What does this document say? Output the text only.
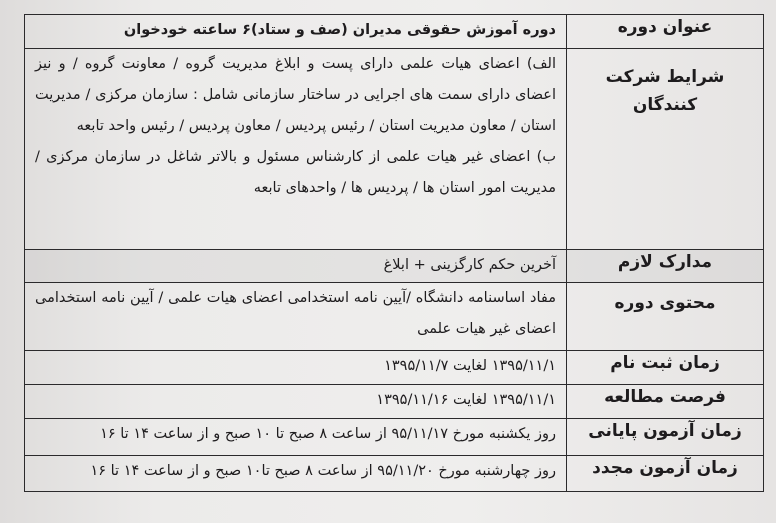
عنوان دوره	دوره آموزش حقوقی مدیران (صف و ستاد)۶ ساعته خودخوان
شرایط شرکت کنندگان	الف) اعضای هیات علمی دارای پست و ابلاغ مدیریت گروه / معاونت گروه / و نیز اعضای دارای سمت های اجرایی در ساختار سازمانی شامل : سازمان مرکزی / مدیریت استان / معاون مدیریت استان / رئیس پردیس / معاون پردیس / رئیس واحد تابعه
ب) اعضای غیر هیات علمی از کارشناس مسئول و بالاتر شاغل در سازمان مرکزی / مدیریت امور استان ها / پردیس ها / واحدهای تابعه

مدارک لازم	آخرین حکم کارگزینی + ابلاغ
محتوی دوره	مفاد اساسنامه دانشگاه /آیین نامه استخدامی اعضای هیات علمی / آیین نامه استخدامی اعضای غیر هیات علمی
زمان ثبت نام	۱۳۹۵/۱۱/۱ لغایت ۱۳۹۵/۱۱/۷
فرصت مطالعه	۱۳۹۵/۱۱/۱ لغایت ۱۳۹۵/۱۱/۱۶
زمان آزمون پایانی	روز یکشنبه مورخ ۹۵/۱۱/۱۷ از ساعت ۸ صبح تا ۱۰ صبح و از ساعت ۱۴ تا ۱۶
زمان آزمون مجدد	روز چهارشنبه مورخ ۹۵/۱۱/۲۰ از ساعت ۸ صبح تا۱۰ صبح و از ساعت ۱۴ تا ۱۶
